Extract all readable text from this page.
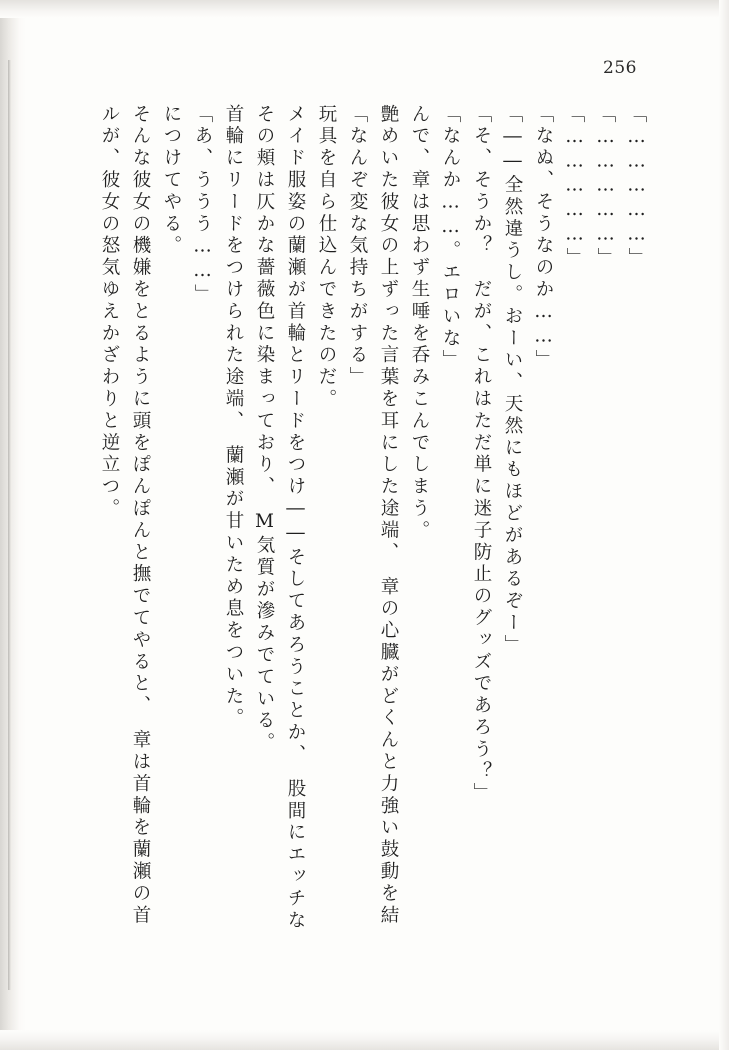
256
ルが、彼女の怒気ゆえかざわりと逆立つ。 そんな彼女の機嫌をとるように頭をぽんぽんと撫でてやると、　章は首輪を蘭瀬の首 につけてやる。 「あ、ううう……」 首輪にリードをつけられた途端、　蘭瀬が甘いため息をついた。 その頬は仄かな薔薇色に染まっており、　M気質が滲みでている。 メイド服姿の蘭瀬が首輪とリードをつけ――そしてあろうことか、　股間にエッチな 玩具を自ら仕込んできたのだ。 「なんぞ変な気持ちがする」 艶めいた彼女の上ずった言葉を耳にした途端、　章の心臓がどくんと力強い鼓動を結 んで、章は思わず生唾を呑みこんでしまう。 「なんか……。エロいな」 「そ、そうか？　だが、これはただ単に迷子防止のグッズであろう？」 「――全然違うし。おーい、天然にもほどがあるぞー」 「なぬ、そうなのか……」 「……………」 「……………」 「……………」
